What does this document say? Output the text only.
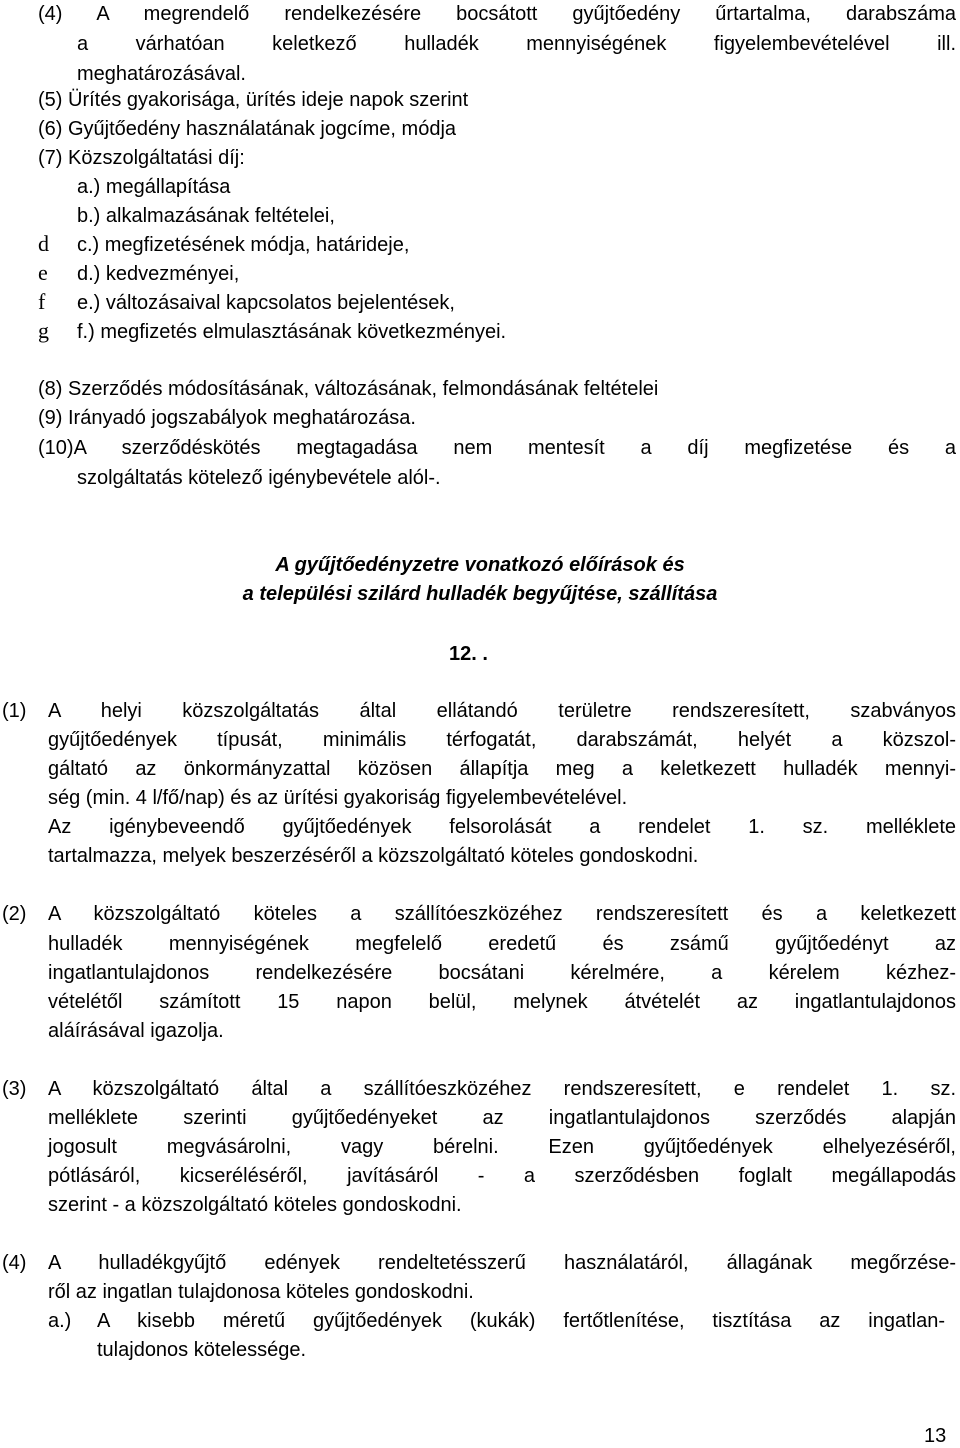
(4) A megrendelő rendelkezésére bocsátott gyűjtőedény űrtartalma, darabszáma
a várhatóan keletkező hulladék mennyiségének figyelembevételével ill.
meghatározásával.
(5) Ürítés gyakorisága, ürítés ideje napok szerint
(6) Gyűjtőedény használatának jogcíme, módja
(7) Közszolgáltatási díj:
a.) megállapítása
b.) alkalmazásának feltételei,
c.) megfizetésének módja, határideje,
d.) kedvezményei,
e.) változásaival kapcsolatos bejelentések,
f.) megfizetés elmulasztásának következményei.
d
e
f
g
(8) Szerződés módosításának, változásának, felmondásának feltételei
(9) Irányadó jogszabályok meghatározása.
(10)A szerződéskötés megtagadása nem mentesít a díj megfizetése és a
szolgáltatás kötelező igénybevétele alól-.
A gyűjtőedényzetre vonatkozó előírások és
a települési szilárd hulladék begyűjtése, szállítása
12. .
(1) A helyi közszolgáltatás által ellátandó területre rendszeresített, szabványos
gyűjtőedények típusát, minimális térfogatát, darabszámát, helyét a közszol-
gáltató az önkormányzattal közösen állapítja meg a keletkezett hulladék mennyi-
ség (min. 4 l/fő/nap) és az ürítési gyakoriság figyelembevételével.
Az igénybeveendő gyűjtőedények felsorolását a rendelet 1. sz. melléklete
tartalmazza, melyek beszerzéséről a közszolgáltató köteles gondoskodni.
(2) A közszolgáltató köteles a szállítóeszközéhez rendszeresített és a keletkezett
hulladék mennyiségének megfelelő eredetű és zsámű gyűjtőedényt az
ingatlantulajdonos rendelkezésére bocsátani kérelmére, a kérelem kézhez-
vételétől számított 15 napon belül, melynek átvételét az ingatlantulajdonos
aláírásával igazolja.
(3) A közszolgáltató által a szállítóeszközéhez rendszeresített, e rendelet 1. sz.
melléklete szerinti gyűjtőedényeket az ingatlantulajdonos szerződés alapján
jogosult megvásárolni, vagy bérelni. Ezen gyűjtőedények elhelyezéséről,
pótlásáról, kicseréléséről, javításáról - a szerződésben foglalt megállapodás
szerint - a közszolgáltató köteles gondoskodni.
(4) A hulladékgyűjtő edények rendeltetésszerű használatáról, állagának megőrzése-
ről az ingatlan tulajdonosa köteles gondoskodni.
a.) A kisebb méretű gyűjtőedények (kukák) fertőtlenítése, tisztítása az ingatlan-
tulajdonos kötelessége.
13
